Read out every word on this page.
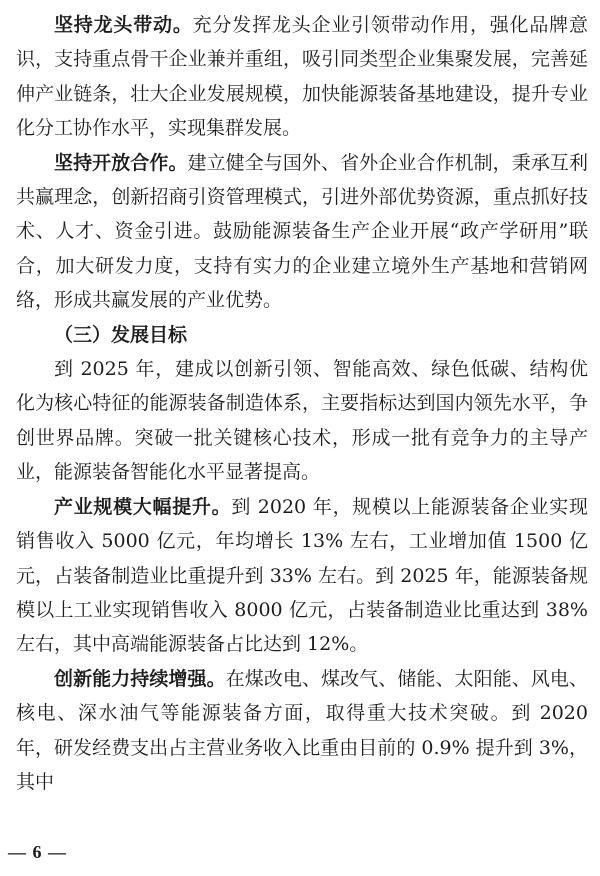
坚持龙头带动。充分发挥龙头企业引领带动作用，强化品牌意识，支持重点骨干企业兼并重组，吸引同类型企业集聚发展，完善延伸产业链条，壮大企业发展规模，加快能源装备基地建设，提升专业化分工协作水平，实现集群发展。

坚持开放合作。建立健全与国外、省外企业合作机制，秉承互利共赢理念，创新招商引资管理模式，引进外部优势资源，重点抓好技术、人才、资金引进。鼓励能源装备生产企业开展“政产学研用”联合，加大研发力度，支持有实力的企业建立境外生产基地和营销网络，形成共赢发展的产业优势。

（三）发展目标

到 2025 年，建成以创新引领、智能高效、绿色低碳、结构优化为核心特征的能源装备制造体系，主要指标达到国内领先水平，争创世界品牌。突破一批关键核心技术，形成一批有竞争力的主导产业，能源装备智能化水平显著提高。

产业规模大幅提升。到 2020 年，规模以上能源装备企业实现销售收入 5000 亿元，年均增长 13% 左右，工业增加值 1500 亿元，占装备制造业比重提升到 33% 左右。到 2025 年，能源装备规模以上工业实现销售收入 8000 亿元，占装备制造业比重达到 38% 左右，其中高端能源装备占比达到 12%。

创新能力持续增强。在煤改电、煤改气、储能、太阳能、风电、核电、深水油气等能源装备方面，取得重大技术突破。到 2020 年，研发经费支出占主营业务收入比重由目前的 0.9% 提升到 3%，其中

— 6 —
